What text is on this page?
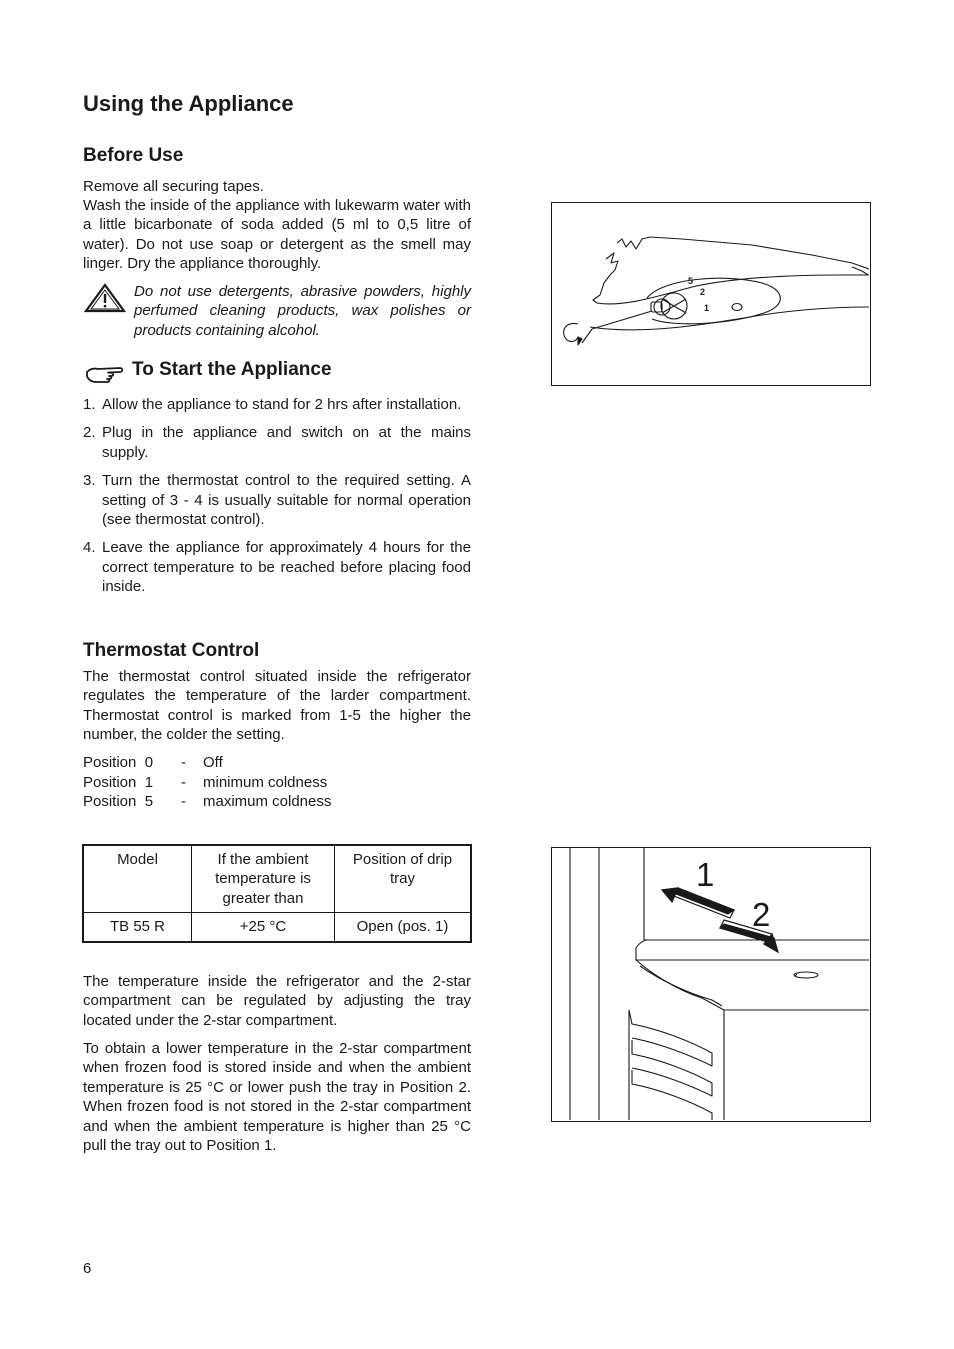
Using the Appliance
Before Use

Remove all securing tapes.

Wash the inside of the appliance with lukewarm water with a little bicarbonate of soda added (5 ml to 0,5 litre of water). Do not use soap or detergent as the smell may linger. Dry the appliance thoroughly.

Do not use detergents, abrasive powders, highly perfumed cleaning products, wax polishes or products containing alcohol.

To Start the Appliance
1. Allow the appliance to stand for 2 hrs after installation.
2. Plug in the appliance and switch on at the mains supply.
3. Turn the thermostat control to the required setting. A setting of 3 - 4 is usually suitable for normal operation (see thermostat control).
4. Leave the appliance for approximately 4 hours for the correct temperature to be reached before placing food inside.
Thermostat Control

The thermostat control situated inside the refrigerator regulates the temperature of the larder compartment. Thermostat control is marked from 1-5 the higher the number, the colder the setting.

Position  0	-	Off
Position  1	-	minimum coldness
Position  5	-	maximum coldness
Model	If the ambient temperature is greater than	Position of drip tray
TB 55 R	+25 °C	Open (pos. 1)

The temperature inside the refrigerator and the 2-star compartment can be regulated by adjusting the tray located under the 2-star compartment.

To obtain a lower temperature in the 2-star compartment when frozen food is stored inside and when the ambient temperature is 25 °C or lower push the tray in Position 2. When frozen food is not stored in the 2-star compartment and when the ambient temperature is higher than 25 °C pull the tray out to Position 1.

6
5
2
1
1
2
